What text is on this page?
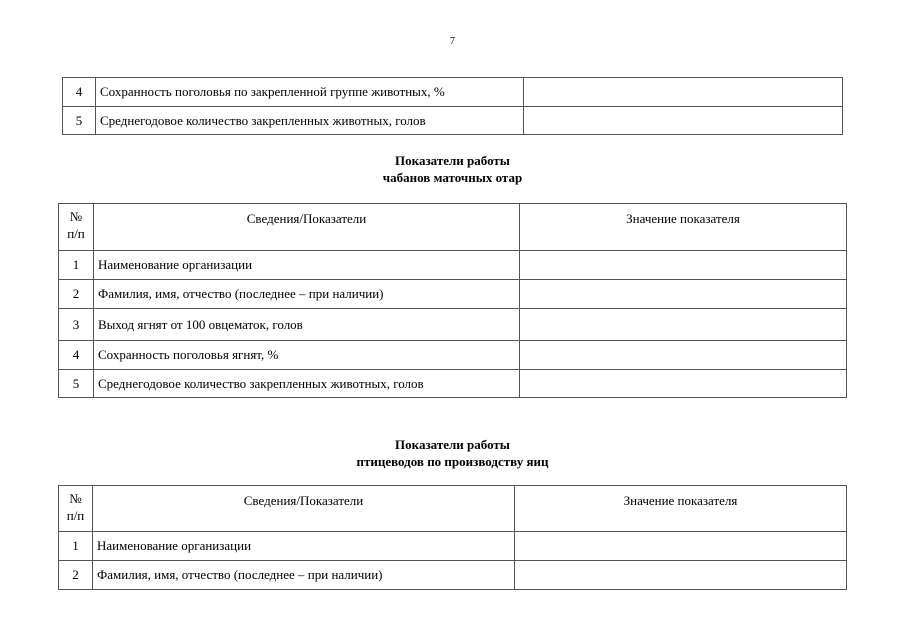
7
4	Сохранность поголовья по закрепленной группе животных, %	
5	Среднегодовое количество закрепленных животных, голов	
Показатели работы
чабанов маточных отар
№
п/п	Сведения/Показатели	Значение показателя
1	Наименование организации	
2	Фамилия, имя, отчество (последнее – при наличии)	
3	Выход ягнят от 100 овцематок, голов	
4	Сохранность поголовья ягнят, %	
5	Среднегодовое количество закрепленных животных, голов	
Показатели работы
птицеводов по производству яиц
№
п/п	Сведения/Показатели	Значение показателя
1	Наименование организации	
2	Фамилия, имя, отчество (последнее – при наличии)	
